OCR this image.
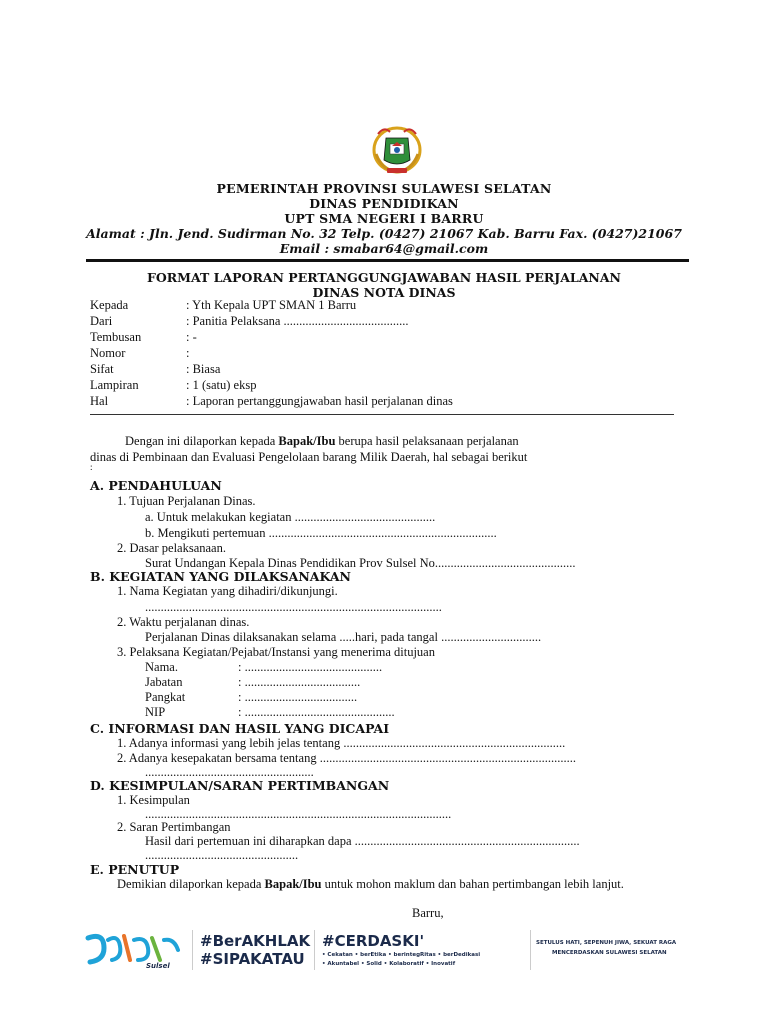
PEMERINTAH PROVINSI SULAWESI SELATAN
DINAS PENDIDIKAN
UPT SMA NEGERI I BARRU
Alamat : Jln. Jend. Sudirman No. 32 Telp. (0427) 21067 Kab. Barru Fax. (0427)21067
Email : smabar64@gmail.com
FORMAT LAPORAN PERTANGGUNGJAWABAN HASIL PERJALANAN
DINAS NOTA DINAS
Kepada	: Yth Kepala UPT SMAN 1 Barru
Dari	: Panitia Pelaksana ........................................
Tembusan	: -
Nomor	:
Sifat	: Biasa
Lampiran	: 1 (satu) eksp
Hal	: Laporan pertanggungjawaban hasil perjalanan dinas
Dengan ini dilaporkan kepada Bapak/Ibu berupa hasil pelaksanaan perjalanan
dinas di Pembinaan dan Evaluasi Pengelolaan barang Milik Daerah, hal sebagai berikut
:
A. PENDAHULUAN
1. Tujuan Perjalanan Dinas.
a. Untuk melakukan kegiatan .............................................
b. Mengikuti pertemuan .........................................................................
2. Dasar pelaksanaan.
Surat Undangan Kepala Dinas Pendidikan Prov Sulsel No.............................................
B. KEGIATAN YANG DILAKSANAKAN
1. Nama Kegiatan yang dihadiri/dikunjungi.
...............................................................................................
2. Waktu perjalanan dinas.
Perjalanan Dinas dilaksanakan selama .....hari, pada tangal ................................
3. Pelaksana Kegiatan/Pejabat/Instansi yang menerima ditujuan
Nama.	: ............................................
Jabatan	: .....................................
Pangkat	: ....................................
NIP	: ................................................
C. INFORMASI DAN HASIL YANG DICAPAI
1. Adanya informasi yang lebih jelas tentang .......................................................................
2. Adanya kesepakatan bersama tentang ..................................................................................
......................................................
D. KESIMPULAN/SARAN PERTIMBANGAN
1. Kesimpulan
..................................................................................................
2. Saran Pertimbangan
Hasil dari pertemuan ini diharapkan dapa ........................................................................
.................................................
E. PENUTUP
Demikian dilaporkan kepada Bapak/Ibu untuk mohon maklum dan bahan pertimbangan lebih lanjut.
Barru,
Sulsel
#BerAKHLAK
#SIPAKATAU
#CERDASKI'
• Cekatan • berEtika • berintegRitas • berDedikasi
• Akuntabel • Solid • Kolaboratif • Inovatif
SETULUS HATI, SEPENUH JIWA, SEKUAT RAGA
MENCERDASKAN SULAWESI SELATAN
